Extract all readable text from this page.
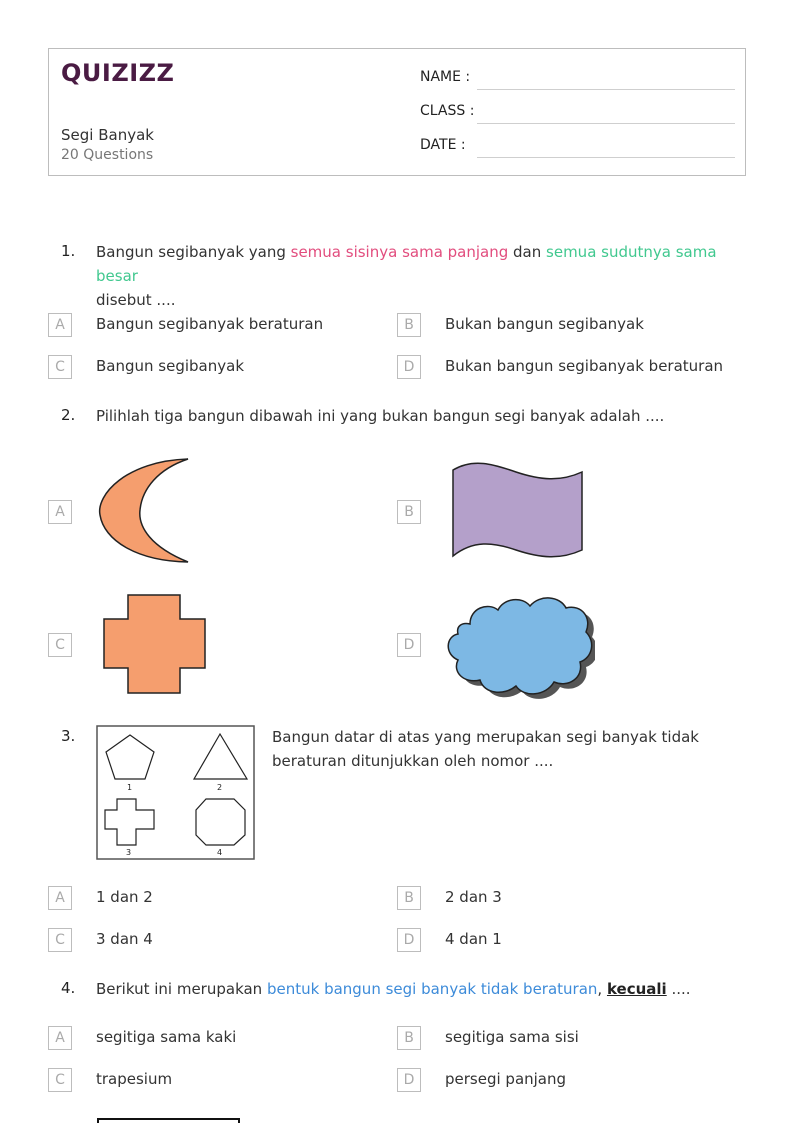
QUIZIZZ
Segi Banyak
20 Questions
NAME :
CLASS :
DATE :
1. Bangun segibanyak yang semua sisinya sama panjang dan semua sudutnya sama besar
disebut ....
A	Bangun segibanyak beraturan	B	Bukan bangun segibanyak
C	Bangun segibanyak	D	Bukan bangun segibanyak beraturan
2. Pilihlah tiga bangun dibawah ini yang bukan bangun segi banyak adalah ....
A	B
C	D
3.
1	2
3	4
Bangun datar di atas yang merupakan segi banyak tidak beraturan ditunjukkan oleh nomor ....
A	1 dan 2	B	2 dan 3
C	3 dan 4	D	4 dan 1
4. Berikut ini merupakan bentuk bangun segi banyak tidak beraturan, kecuali ....
A	segitiga sama kaki	B	segitiga sama sisi
C	trapesium	D	persegi panjang
